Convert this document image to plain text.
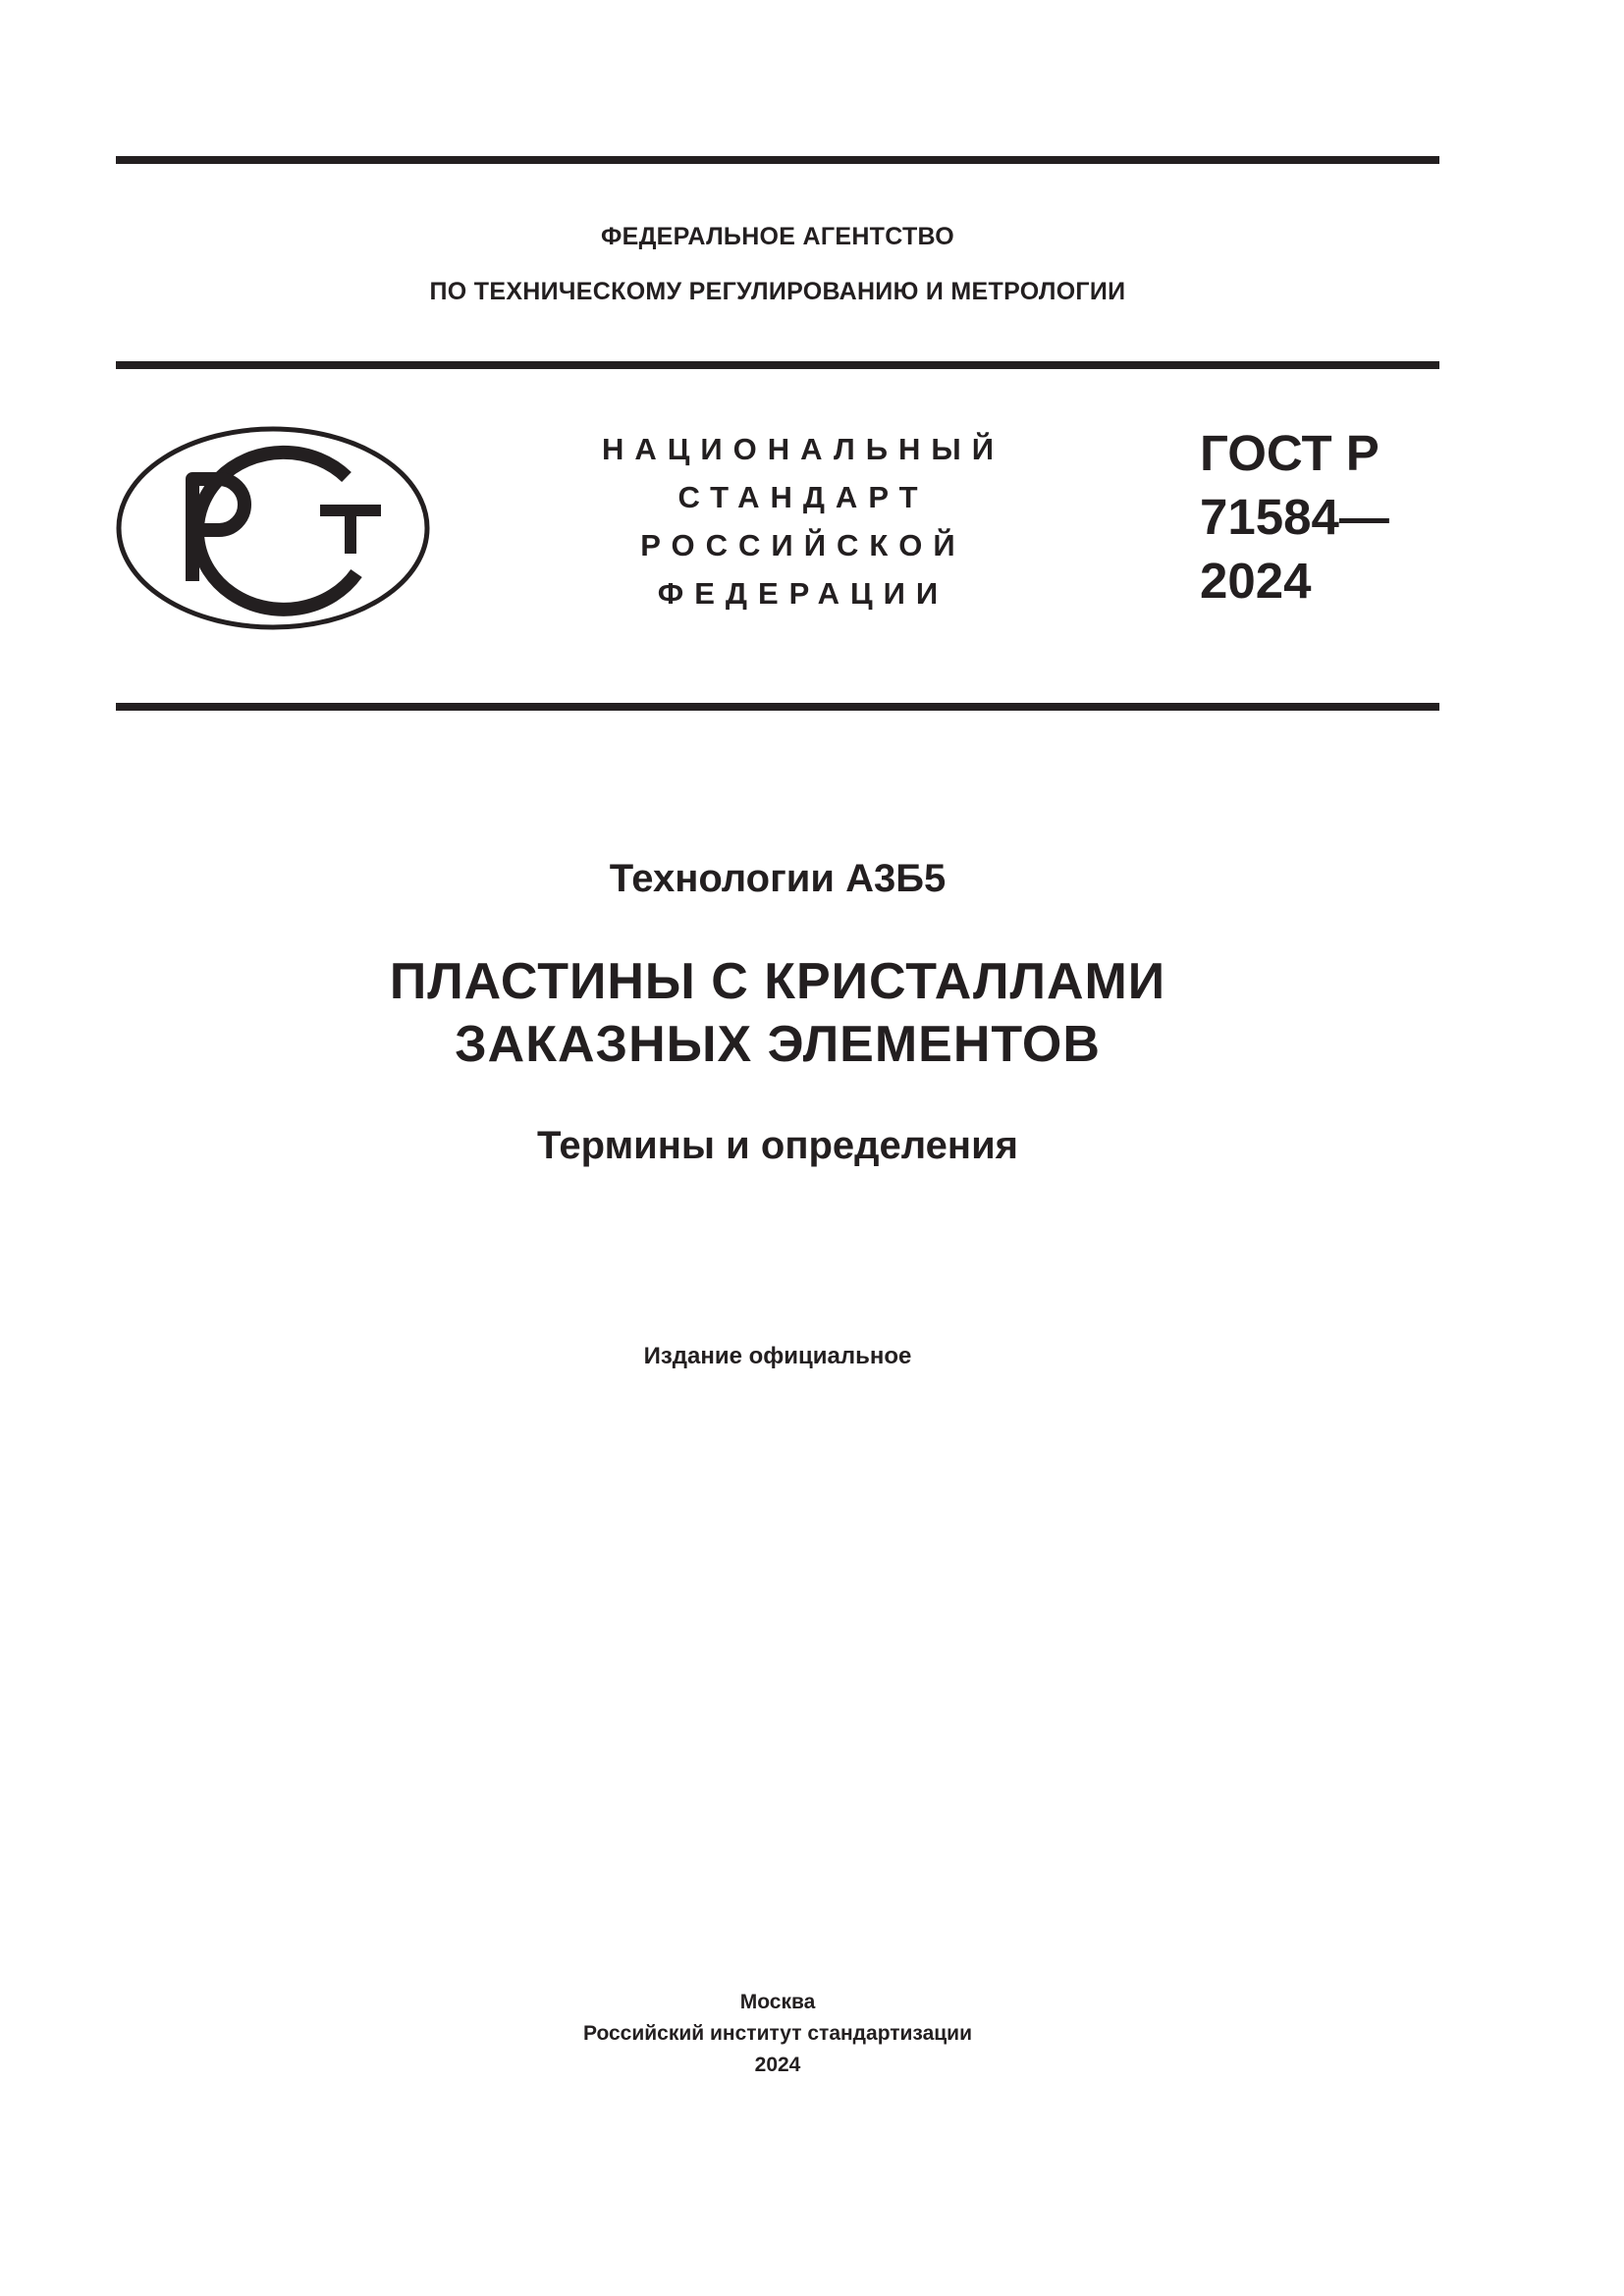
ФЕДЕРАЛЬНОЕ АГЕНТСТВО
ПО ТЕХНИЧЕСКОМУ РЕГУЛИРОВАНИЮ И МЕТРОЛОГИИ
НАЦИОНАЛЬНЫЙ
СТАНДАРТ
РОССИЙСКОЙ
ФЕДЕРАЦИИ
ГОСТ Р
71584—
2024
Технологии А3Б5
ПЛАСТИНЫ С КРИСТАЛЛАМИ
ЗАКАЗНЫХ ЭЛЕМЕНТОВ
Термины и определения
Издание официальное
Москва
Российский институт стандартизации
2024
